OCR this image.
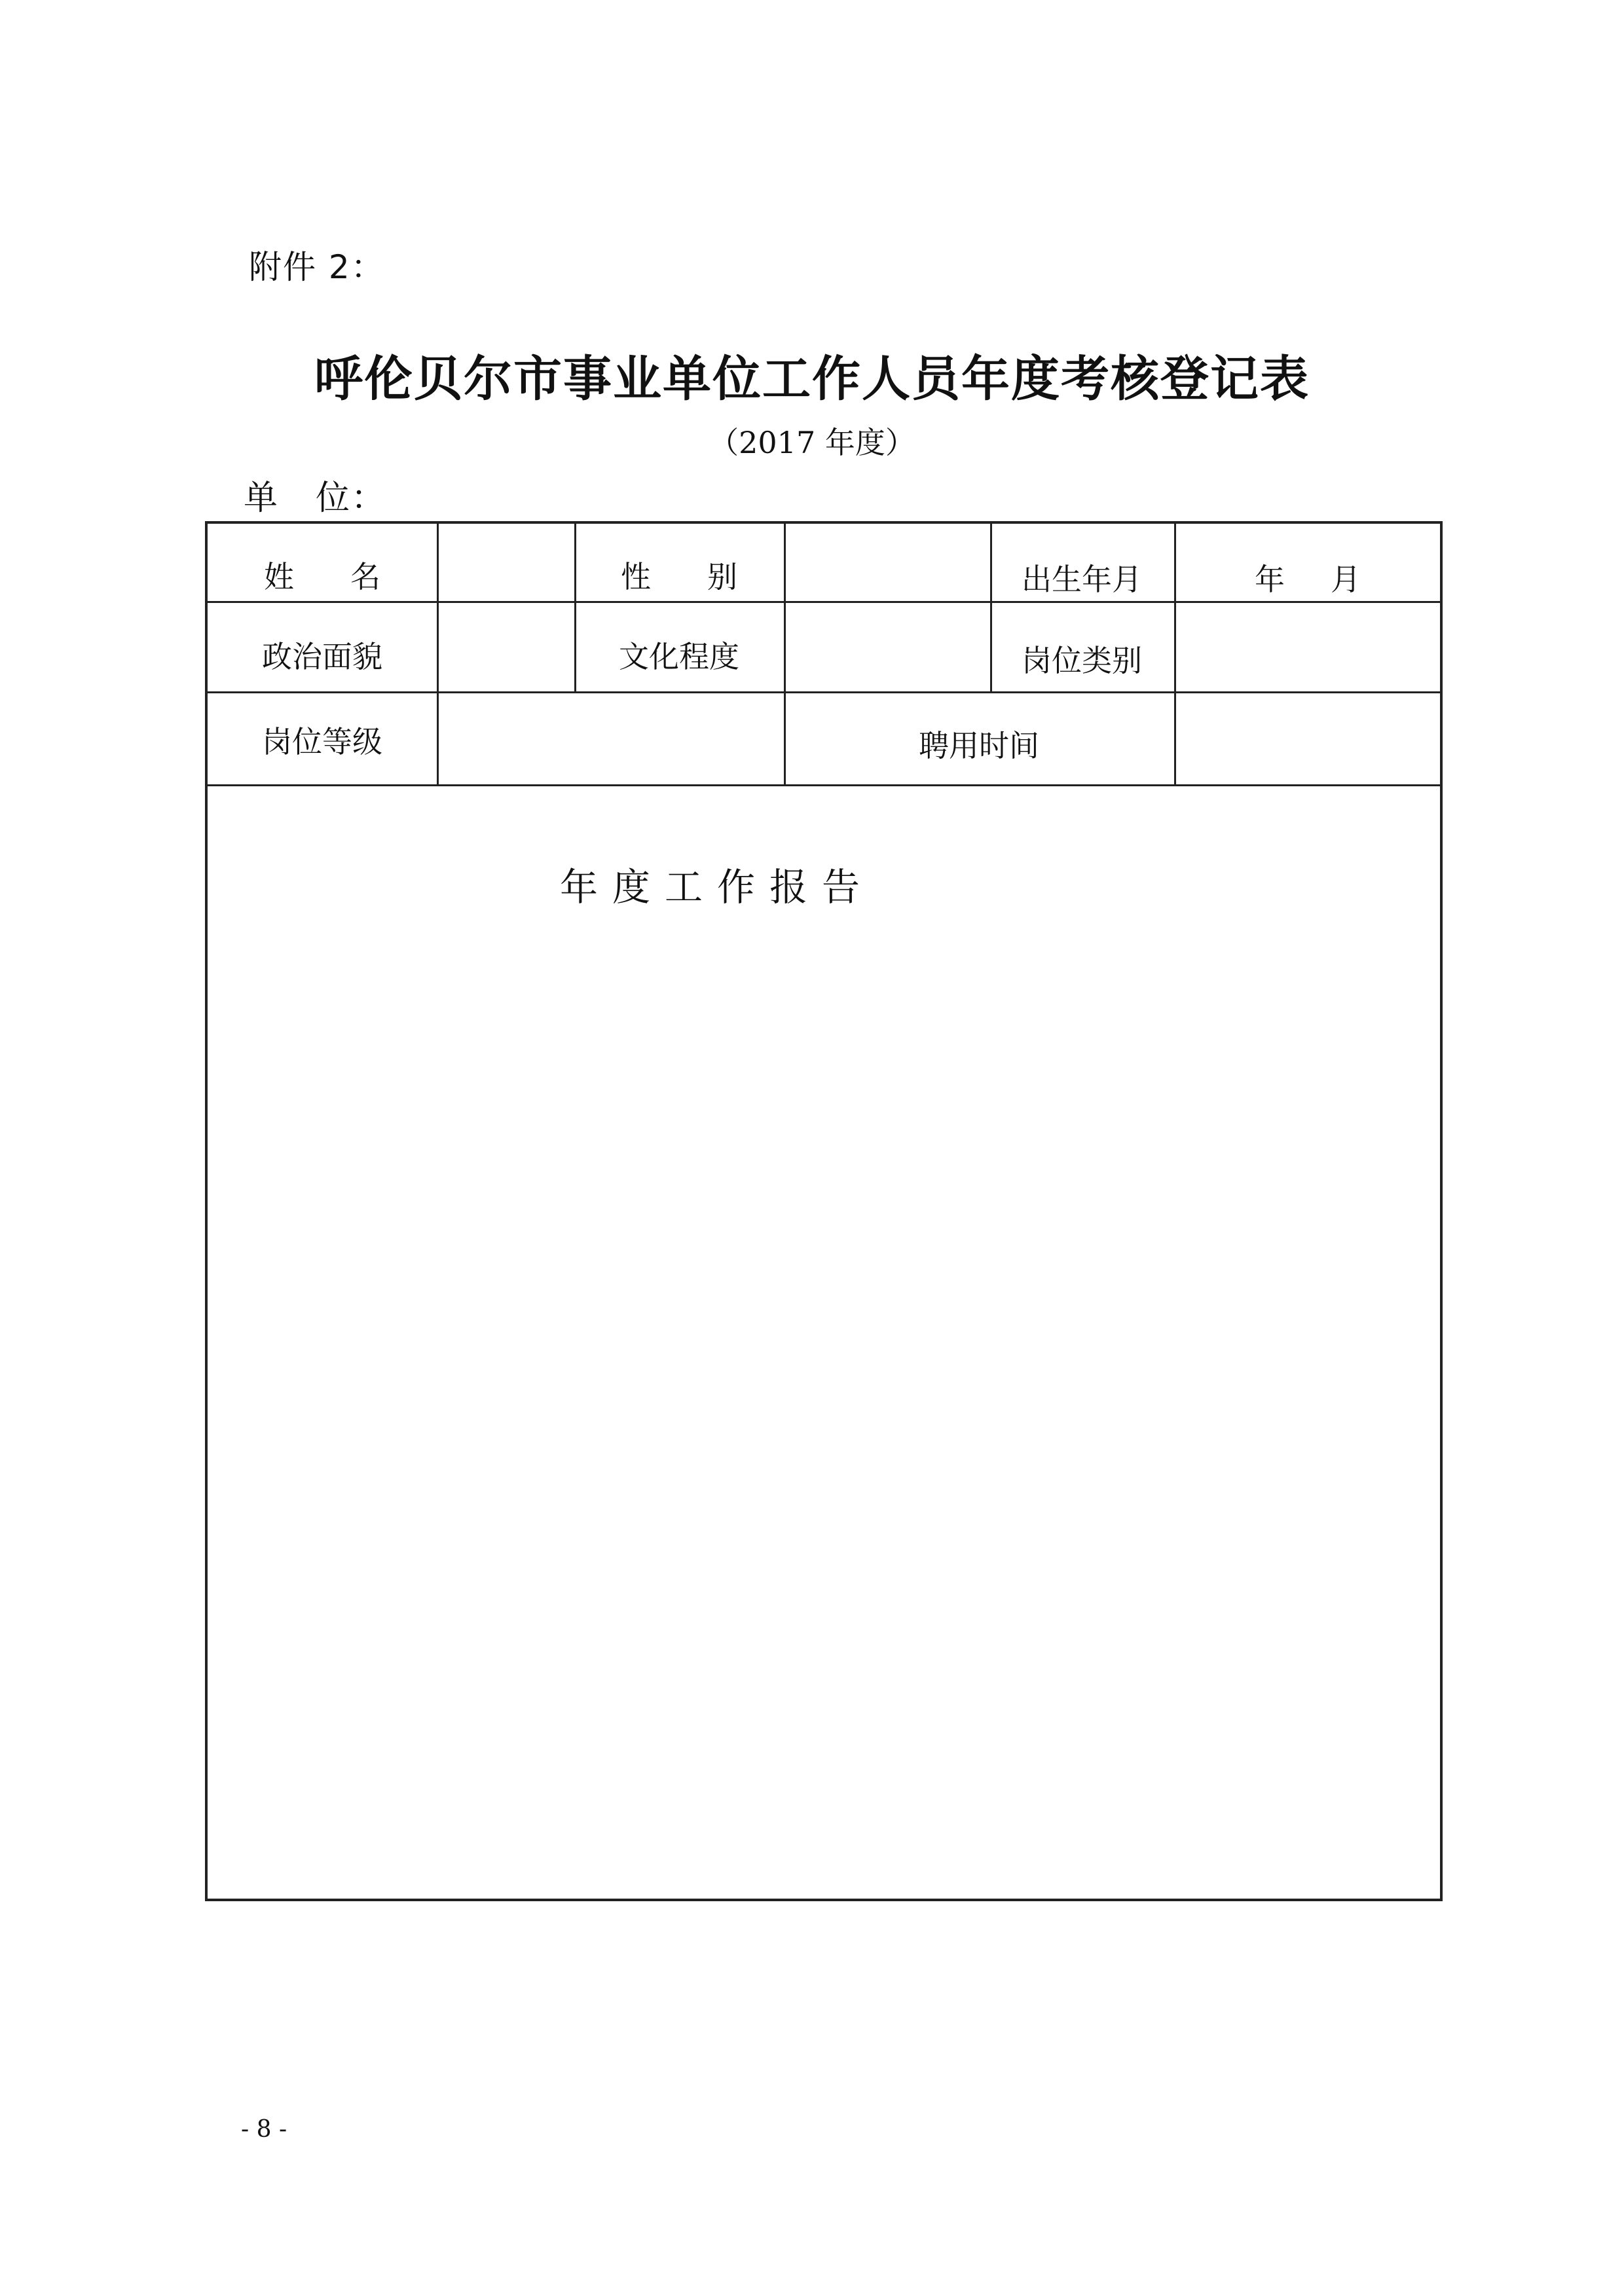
附件 2：
呼伦贝尔市事业单位工作人员年度考核登记表
（2017 年度）
单 位：
姓名	性别	出生年月	年月
政治面貌	文化程度	岗位类别
岗位等级	聘用时间
年度工作报告
- 8 -
